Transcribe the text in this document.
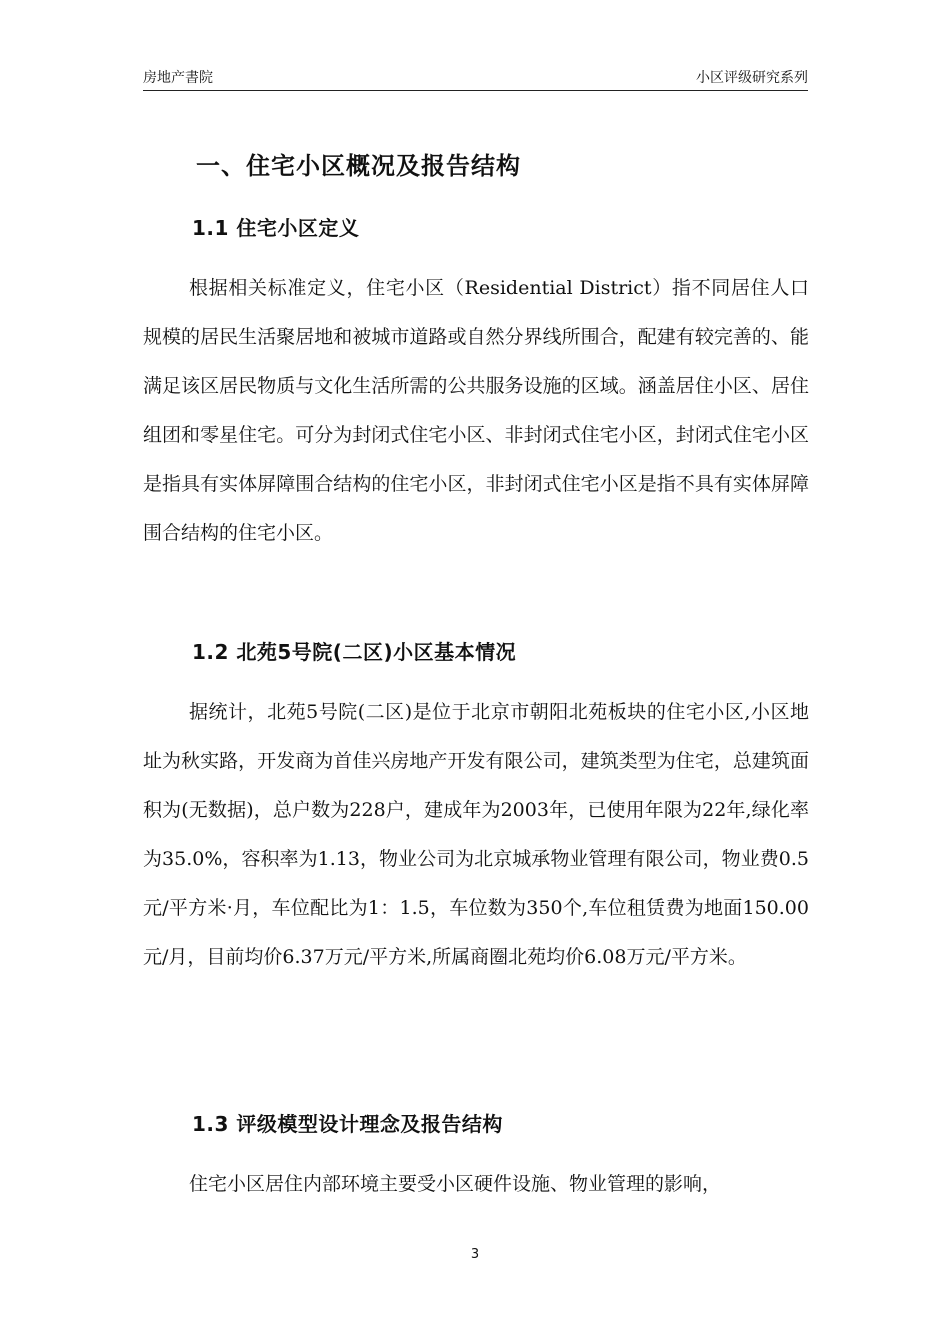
房地产書院	小区评级研究系列
一、住宅小区概况及报告结构
1.1 住宅小区定义

根据相关标准定义，住宅小区（Residential District）指不同居住人口规模的居民生活聚居地和被城市道路或自然分界线所围合，配建有较完善的、能满足该区居民物质与文化生活所需的公共服务设施的区域。涵盖居住小区、居住组团和零星住宅。可分为封闭式住宅小区、非封闭式住宅小区，封闭式住宅小区是指具有实体屏障围合结构的住宅小区，非封闭式住宅小区是指不具有实体屏障围合结构的住宅小区。

1.2 北苑5号院(二区)小区基本情况

据统计，北苑5号院(二区)是位于北京市朝阳北苑板块的住宅小区,小区地址为秋实路，开发商为首佳兴房地产开发有限公司，建筑类型为住宅，总建筑面积为(无数据)，总户数为228户，建成年为2003年，已使用年限为22年,绿化率为35.0%，容积率为1.13，物业公司为北京城承物业管理有限公司，物业费0.5元/平方米·月，车位配比为1：1.5，车位数为350个,车位租赁费为地面150.00元/月，目前均价6.37万元/平方米,所属商圈北苑均价6.08万元/平方米。

1.3 评级模型设计理念及报告结构

住宅小区居住内部环境主要受小区硬件设施、物业管理的影响，

3
